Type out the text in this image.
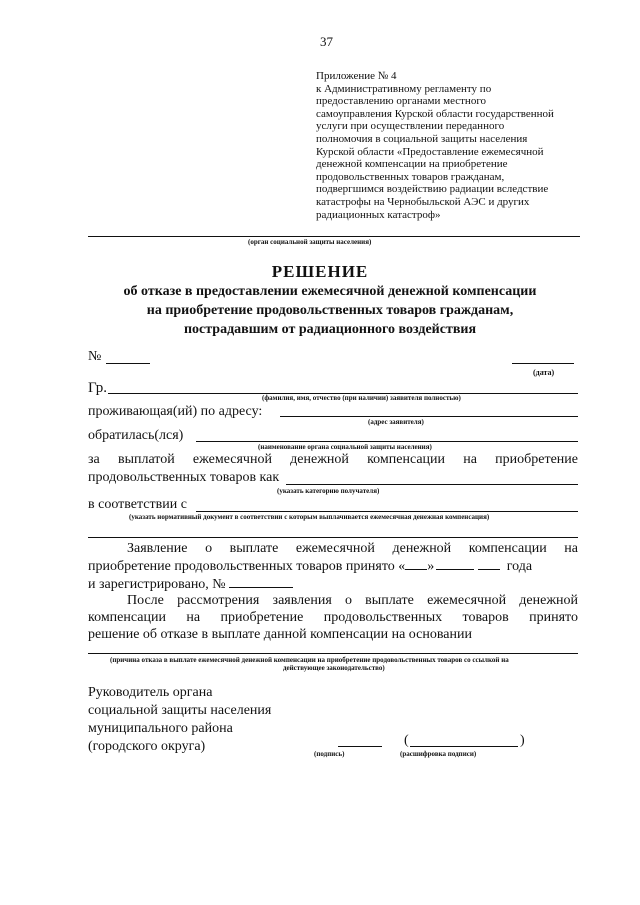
37
Приложение № 4
к Административному регламенту по
предоставлению органами местного
самоуправления Курской области государственной
услуги при осуществлении переданного
полномочия в социальной защиты населения
Курской области «Предоставление ежемесячной
денежной компенсации на приобретение
продовольственных товаров гражданам,
подвергшимся воздействию радиации вследствие
катастрофы на Чернобыльской АЭС и других
радиационных катастроф»
(орган социальной защиты населения)
РЕШЕНИЕ
об отказе в предоставлении ежемесячной денежной компенсации
на приобретение продовольственных товаров гражданам,
пострадавшим от радиационного воздействия
№
(дата)
Гр.
(фамилия, имя, отчество (при наличии) заявителя полностью)
проживающая(ий) по адресу:
(адрес заявителя)
обратилась(лся)
(наименование органа социальной защиты населения)
за выплатой ежемесячной денежной компенсации на приобретение
продовольственных товаров как
(указать категорию получателя)
в соответствии с
(указать нормативный документ в соответствии с которым выплачивается ежемесячная денежная компенсация)
Заявление о выплате ежемесячной денежной компенсации на
приобретение продовольственных товаров принято « »	года
и зарегистрировано, №
После рассмотрения заявления о выплате ежемесячной денежной
компенсации на приобретение продовольственных товаров принято
решение об отказе в выплате данной компенсации на основании
(причина отказа в выплате ежемесячной денежной компенсации на приобретение продовольственных товаров со ссылкой на
действующее законодательство)
Руководитель органа
социальной защиты населения
муниципального района
(городского округа)	(подпись)
(	)
(расшифровка подписи)
